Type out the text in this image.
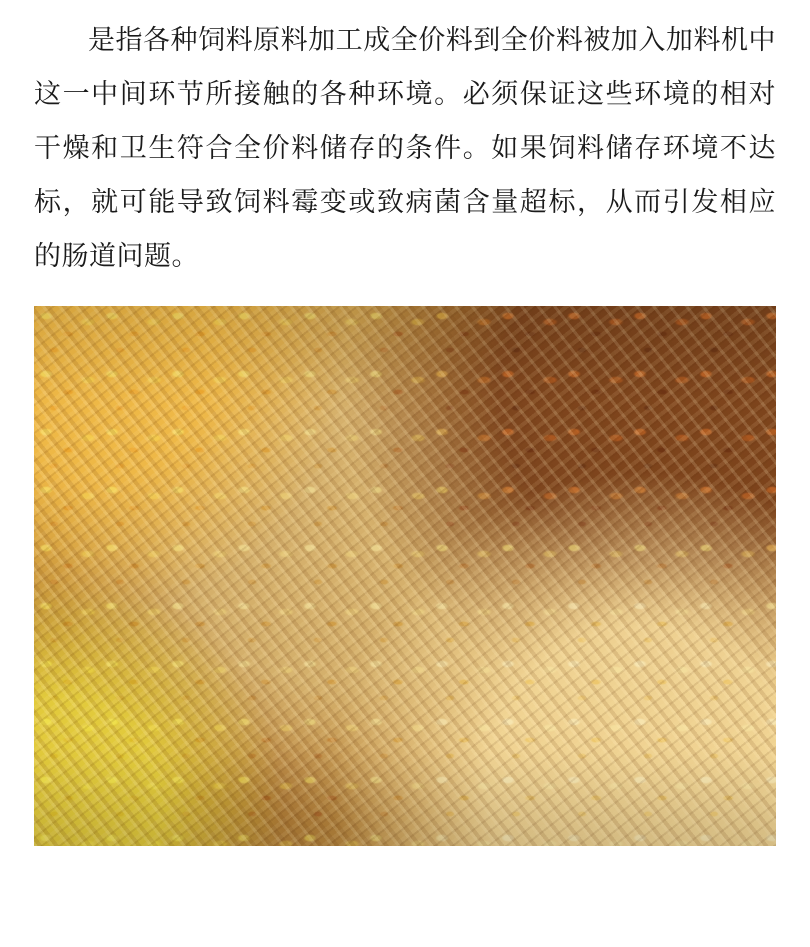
是指各种饲料原料加工成全价料到全价料被加入加料机中这一中间环节所接触的各种环境。必须保证这些环境的相对干燥和卫生符合全价料储存的条件。如果饲料储存环境不达标，就可能导致饲料霉变或致病菌含量超标，从而引发相应的肠道问题。
